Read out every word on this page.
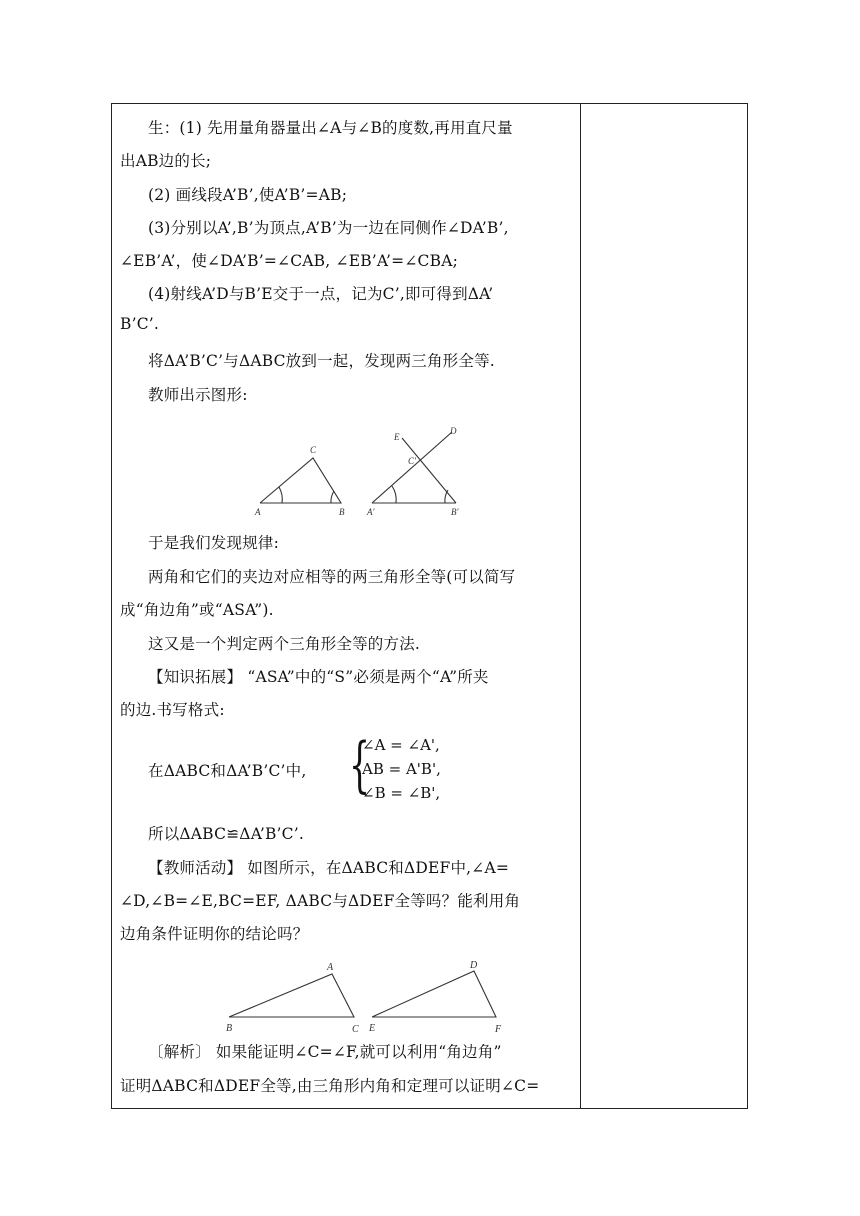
生：(1) 先用量角器量出∠A与∠B的度数,再用直尺量
出AB边的长;
(2) 画线段A’B’,使A’B’=AB;
(3)分别以A’,B’为顶点,A’B’为一边在同侧作∠DA’B’,
∠EB’A’，使∠DA’B’=∠CAB, ∠EB’A’=∠CBA;
(4)射线A’D与B’E交于一点，记为C’,即可得到ΔA’
B’C’.
将ΔA’B’C’与ΔABC放到一起，发现两三角形全等.
教师出示图形:
A	B
C
A′	B′
C′
D
E
于是我们发现规律:
两角和它们的夹边对应相等的两三角形全等(可以简写
成“角边角”或“ASA”).
这又是一个判定两个三角形全等的方法.
【知识拓展】 “ASA”中的“S”必须是两个“A”所夹
的边.书写格式:
在ΔABC和ΔA’B’C’中, {
∠A = ∠A',
AB = A'B',
∠B = ∠B',
所以ΔABC≌ΔA’B’C’.
【教师活动】 如图所示，在ΔABC和ΔDEF中,∠A=
∠D,∠B=∠E,BC=EF, ΔABC与ΔDEF全等吗？能利用角
边角条件证明你的结论吗？
A
B	C
D
E	F
〔解析〕 如果能证明∠C=∠F,就可以利用“角边角”
证明ΔABC和ΔDEF全等,由三角形内角和定理可以证明∠C=
